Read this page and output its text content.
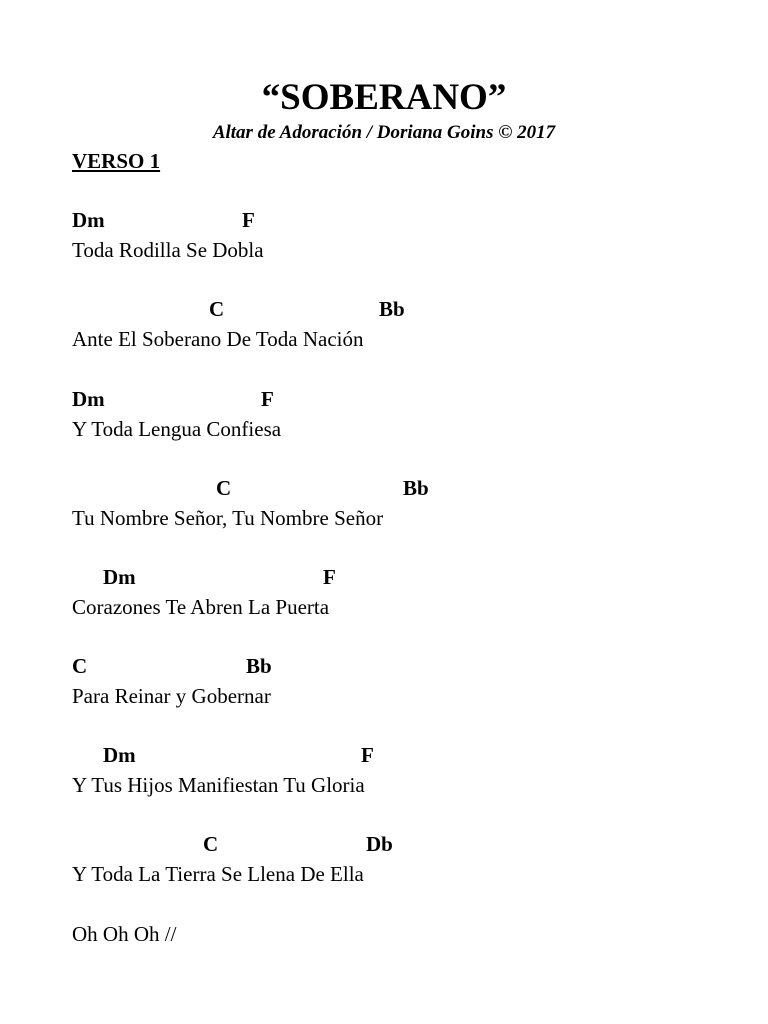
“SOBERANO”
Altar de Adoración / Doriana Goins © 2017
VERSO 1
Dm	F
Toda Rodilla Se Dobla
C	Bb
Ante El Soberano De Toda Nación
Dm	F
Y Toda Lengua Confiesa
C	Bb
Tu Nombre Señor, Tu Nombre Señor
Dm	F
Corazones Te Abren La Puerta
C	Bb
Para Reinar y Gobernar
Dm	F
Y Tus Hijos Manifiestan Tu Gloria
C	Db
Y Toda La Tierra Se Llena De Ella
Oh Oh Oh //
